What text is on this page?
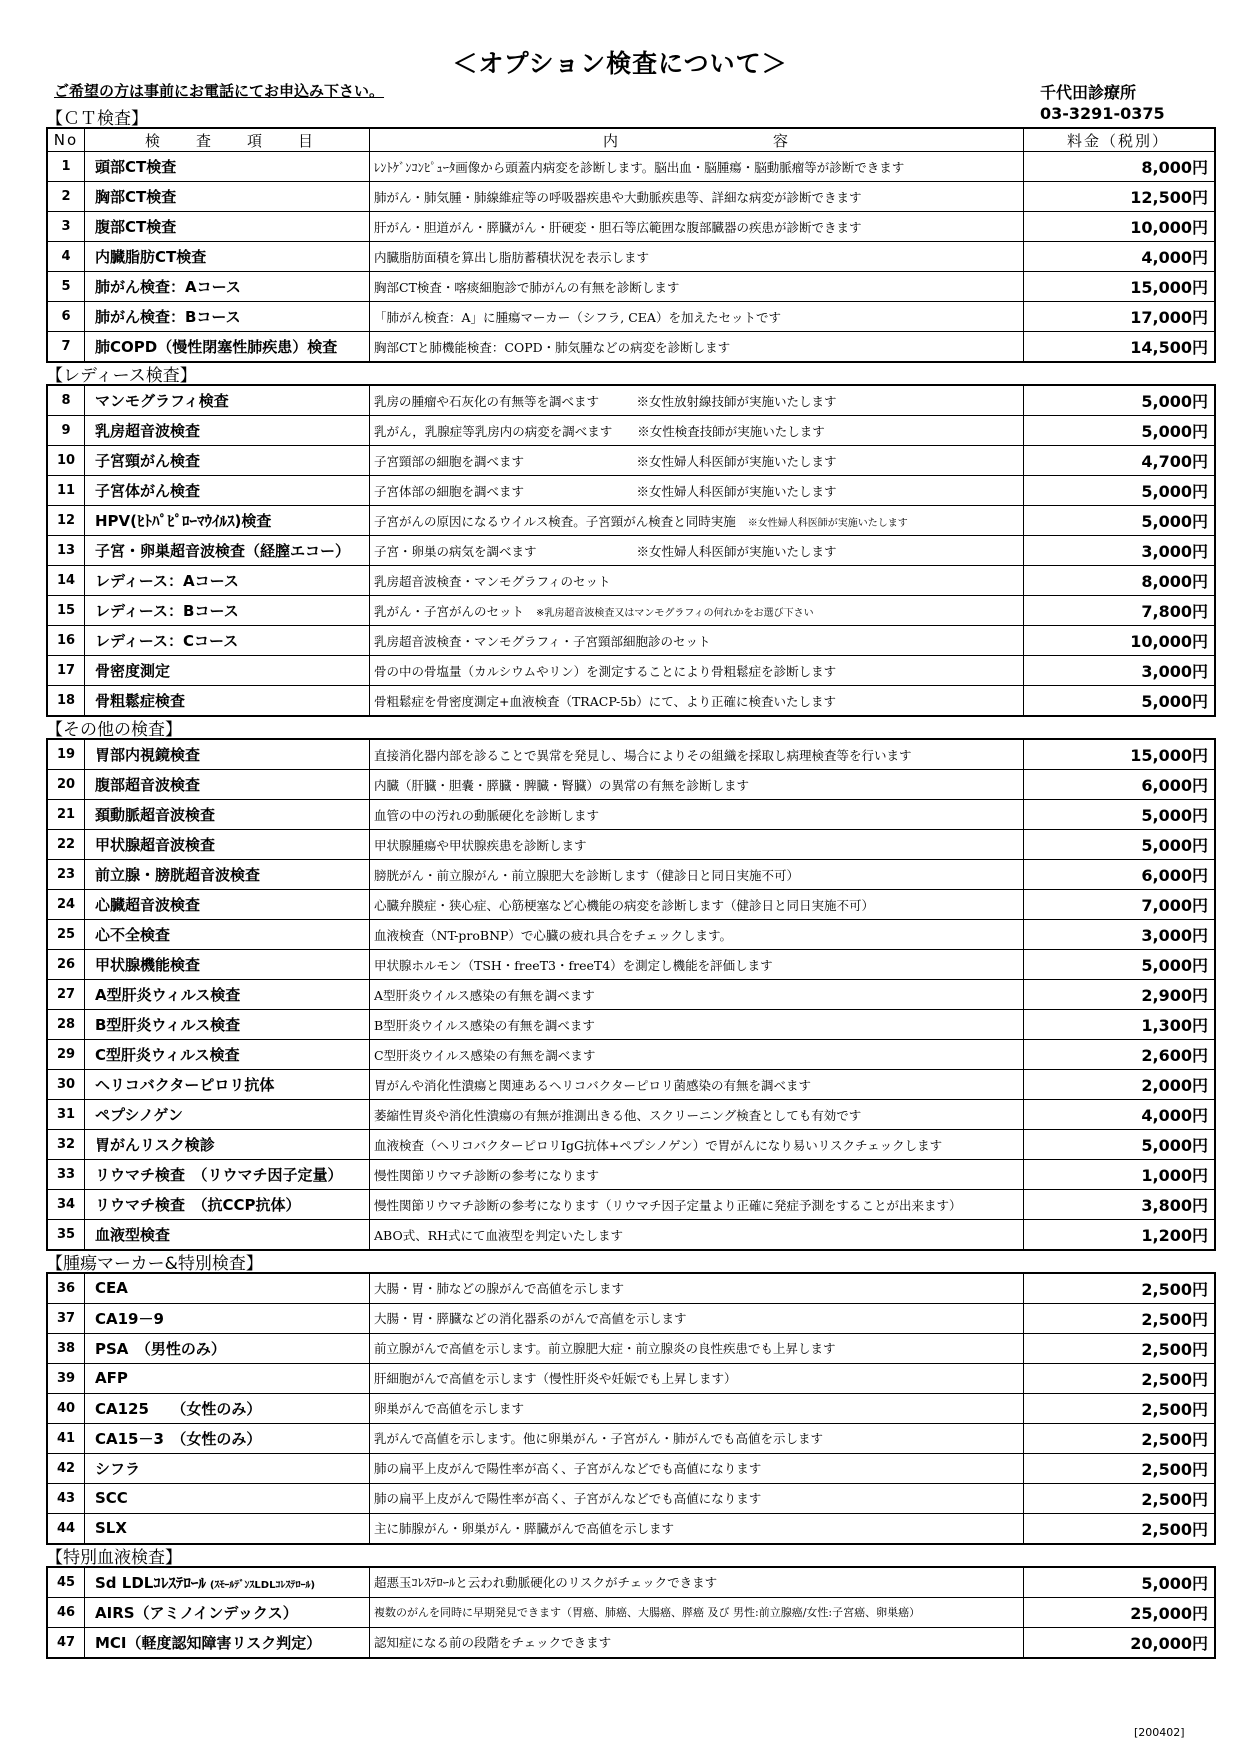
＜オプション検査について＞
ご希望の方は事前にお電話にてお申込み下さい。	千代田診療所
03-3291-0375
【ＣＴ検査】
No	検　　査　　項　　目	内　　　　　　　　　容	料金（税別）
1	頭部CT検査	ﾚﾝﾄｹﾞﾝｺﾝﾋﾟｭｰﾀ画像から頭蓋内病変を診断します。脳出血・脳腫瘍・脳動脈瘤等が診断できます	8,000円
2	胸部CT検査	肺がん・肺気腫・肺線維症等の呼吸器疾患や大動脈疾患等、詳細な病変が診断できます	12,500円
3	腹部CT検査	肝がん・胆道がん・膵臓がん・肝硬変・胆石等広範囲な腹部臓器の疾患が診断できます	10,000円
4	内臓脂肪CT検査	内臓脂肪面積を算出し脂肪蓄積状況を表示します	4,000円
5	肺がん検査：Aコース	胸部CT検査・喀痰細胞診で肺がんの有無を診断します	15,000円
6	肺がん検査：Bコース	「肺がん検査：A」に腫瘍マーカー（シフラ, CEA）を加えたセットです	17,000円
7	肺COPD（慢性閉塞性肺疾患）検査	胸部CTと肺機能検査：COPD・肺気腫などの病変を診断します	14,500円
【レディース検査】
8	マンモグラフィ検査	乳房の腫瘤や石灰化の有無等を調べます　　　※女性放射線技師が実施いたします	5,000円
9	乳房超音波検査	乳がん，乳腺症等乳房内の病変を調べます　　※女性検査技師が実施いたします	5,000円
10	子宮頸がん検査	子宮頸部の細胞を調べます　　　　　　　　　※女性婦人科医師が実施いたします	4,700円
11	子宮体がん検査	子宮体部の細胞を調べます　　　　　　　　　※女性婦人科医師が実施いたします	5,000円
12	HPV(ﾋﾄﾊﾟﾋﾟﾛｰﾏｳｲﾙｽ)検査	子宮がんの原因になるウイルス検査。子宮頸がん検査と同時実施 ※女性婦人科医師が実施いたします	5,000円
13	子宮・卵巣超音波検査（経膣エコー）	子宮・卵巣の病気を調べます　　　　　　　　※女性婦人科医師が実施いたします	3,000円
14	レディース：Aコース	乳房超音波検査・マンモグラフィのセット	8,000円
15	レディース：Bコース	乳がん・子宮がんのセット ※乳房超音波検査又はマンモグラフィの何れかをお選び下さい	7,800円
16	レディース：Cコース	乳房超音波検査・マンモグラフィ・子宮頸部細胞診のセット	10,000円
17	骨密度測定	骨の中の骨塩量（カルシウムやリン）を測定することにより骨粗鬆症を診断します	3,000円
18	骨粗鬆症検査	骨粗鬆症を骨密度測定+血液検査（TRACP-5b）にて、より正確に検査いたします	5,000円
【その他の検査】
19	胃部内視鏡検査	直接消化器内部を診ることで異常を発見し、場合によりその組織を採取し病理検査等を行います	15,000円
20	腹部超音波検査	内臓（肝臓・胆嚢・膵臓・脾臓・腎臓）の異常の有無を診断します	6,000円
21	頚動脈超音波検査	血管の中の汚れの動脈硬化を診断します	5,000円
22	甲状腺超音波検査	甲状腺腫瘍や甲状腺疾患を診断します	5,000円
23	前立腺・膀胱超音波検査	膀胱がん・前立腺がん・前立腺肥大を診断します（健診日と同日実施不可）	6,000円
24	心臓超音波検査	心臓弁膜症・狭心症、心筋梗塞など心機能の病変を診断します（健診日と同日実施不可）	7,000円
25	心不全検査	血液検査（NT-proBNP）で心臓の疲れ具合をチェックします。	3,000円
26	甲状腺機能検査	甲状腺ホルモン（TSH・freeT3・freeT4）を測定し機能を評価します	5,000円
27	A型肝炎ウィルス検査	A型肝炎ウイルス感染の有無を調べます	2,900円
28	B型肝炎ウィルス検査	B型肝炎ウイルス感染の有無を調べます	1,300円
29	C型肝炎ウィルス検査	C型肝炎ウイルス感染の有無を調べます	2,600円
30	ヘリコバクターピロリ抗体	胃がんや消化性潰瘍と関連あるヘリコバクターピロリ菌感染の有無を調べます	2,000円
31	ペプシノゲン	萎縮性胃炎や消化性潰瘍の有無が推測出きる他、スクリーニング検査としても有効です	4,000円
32	胃がんリスク検診	血液検査（ヘリコバクターピロリIgG抗体+ペプシノゲン）で胃がんになり易いリスクチェックします	5,000円
33	リウマチ検査　（リウマチ因子定量）	慢性関節リウマチ診断の参考になります	1,000円
34	リウマチ検査　（抗CCP抗体）	慢性関節リウマチ診断の参考になります（リウマチ因子定量より正確に発症予測をすることが出来ます）	3,800円
35	血液型検査	ABO式、RH式にて血液型を判定いたします	1,200円
【腫瘍マーカー&特別検査】
36	CEA	大腸・胃・肺などの腺がんで高値を示します	2,500円
37	CA19－9	大腸・胃・膵臓などの消化器系のがんで高値を示します	2,500円
38	PSA　（男性のみ）	前立腺がんで高値を示します。前立腺肥大症・前立腺炎の良性疾患でも上昇します	2,500円
39	AFP	肝細胞がんで高値を示します（慢性肝炎や妊娠でも上昇します）	2,500円
40	CA125　　（女性のみ）	卵巣がんで高値を示します	2,500円
41	CA15－3　（女性のみ）	乳がんで高値を示します。他に卵巣がん・子宮がん・肺がんでも高値を示します	2,500円
42	シフラ	肺の扁平上皮がんで陽性率が高く、子宮がんなどでも高値になります	2,500円
43	SCC	肺の扁平上皮がんで陽性率が高く、子宮がんなどでも高値になります	2,500円
44	SLX	主に肺腺がん・卵巣がん・膵臓がんで高値を示します	2,500円
【特別血液検査】
45	Sd LDLｺﾚｽﾃﾛｰﾙ (ｽﾓｰﾙﾃﾞﾝｽLDLｺﾚｽﾃﾛｰﾙ)	超悪玉ｺﾚｽﾃﾛｰﾙと云われ動脈硬化のリスクがチェックできます	5,000円
46	AIRS（アミノインデックス）	複数のがんを同時に早期発見できます（胃癌、肺癌、大腸癌、膵癌 及び 男性:前立腺癌/女性:子宮癌、卵巣癌）	25,000円
47	MCI（軽度認知障害リスク判定）	認知症になる前の段階をチェックできます	20,000円
[200402]
